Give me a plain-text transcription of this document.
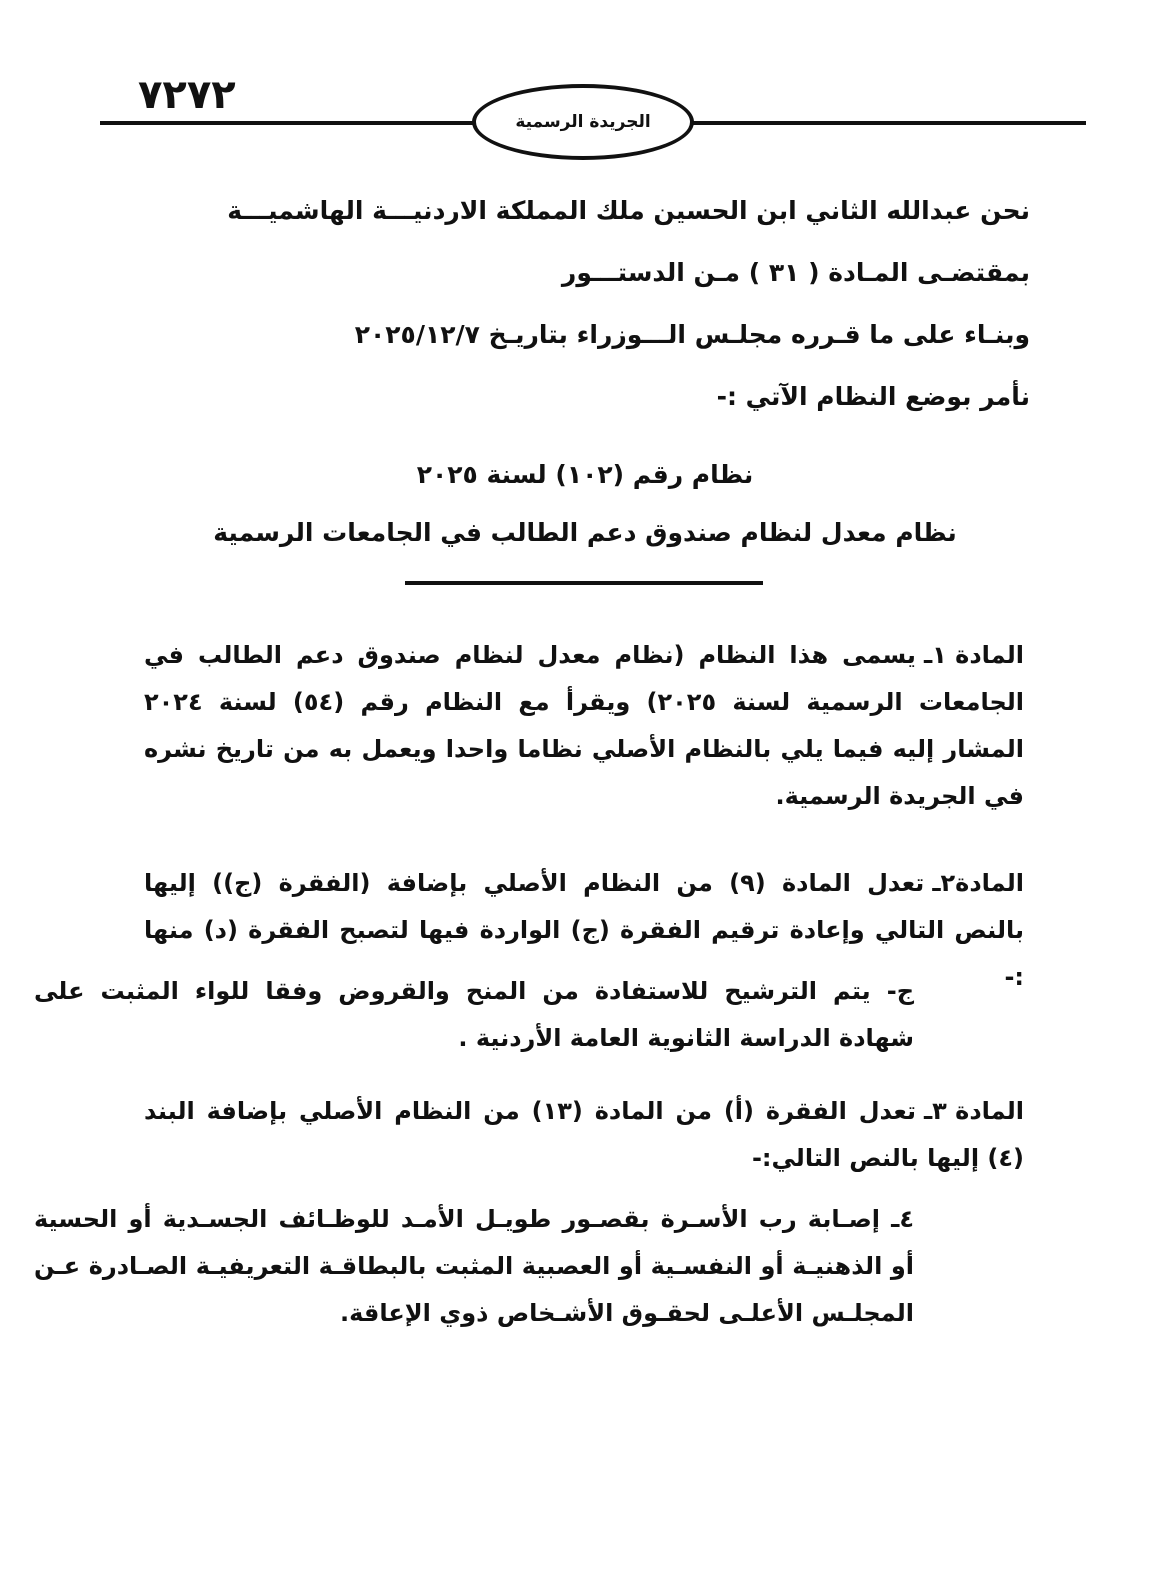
٧٢٧٢
الجريدة الرسمية
نحن عبدالله الثاني ابن الحسين ملك المملكة الاردنيـــة الهاشميـــة
بمقتضـى المـادة ( ٣١ ) مـن الدستـــور
وبنـاء على ما قـرره مجلـس الـــوزراء بتاريـخ ٢٠٢٥/١٢/٧
نأمر بوضع النظام الآتي :-
نظام رقم (١٠٢) لسنة ٢٠٢٥
نظام معدل لنظام صندوق دعم الطالب في الجامعات الرسمية
المادة ١ـ
يسمى هذا النظام (نظام معدل لنظام صندوق دعم الطالب في الجامعات الرسمية لسنة ٢٠٢٥) ويقرأ مع النظام رقم (٥٤) لسنة ٢٠٢٤ المشار إليه فيما يلي بالنظام الأصلي نظاما واحدا ويعمل به من تاريخ نشره في الجريدة الرسمية.
المادة٢ـ
تعدل المادة (٩) من النظام الأصلي بإضافة (الفقرة (ج)) إليها بالنص التالي وإعادة ترقيم الفقرة (ج) الواردة فيها لتصبح الفقرة (د) منها :-
ج- يتم الترشيح للاستفادة من المنح والقروض وفقا للواء المثبت على شهادة الدراسة الثانوية العامة الأردنية .
المادة ٣ـ
تعدل الفقرة (أ) من المادة (١٣) من النظام الأصلي بإضافة البند (٤) إليها بالنص التالي:-
٤ـ إصـابة رب الأسـرة بقصـور طويـل الأمـد للوظـائف الجسـدية أو الحسية أو الذهنيـة أو النفسـية أو العصبية المثبت بالبطاقـة التعريفيـة الصـادرة عـن المجلـس الأعلـى لحقـوق الأشـخاص ذوي الإعاقة.
